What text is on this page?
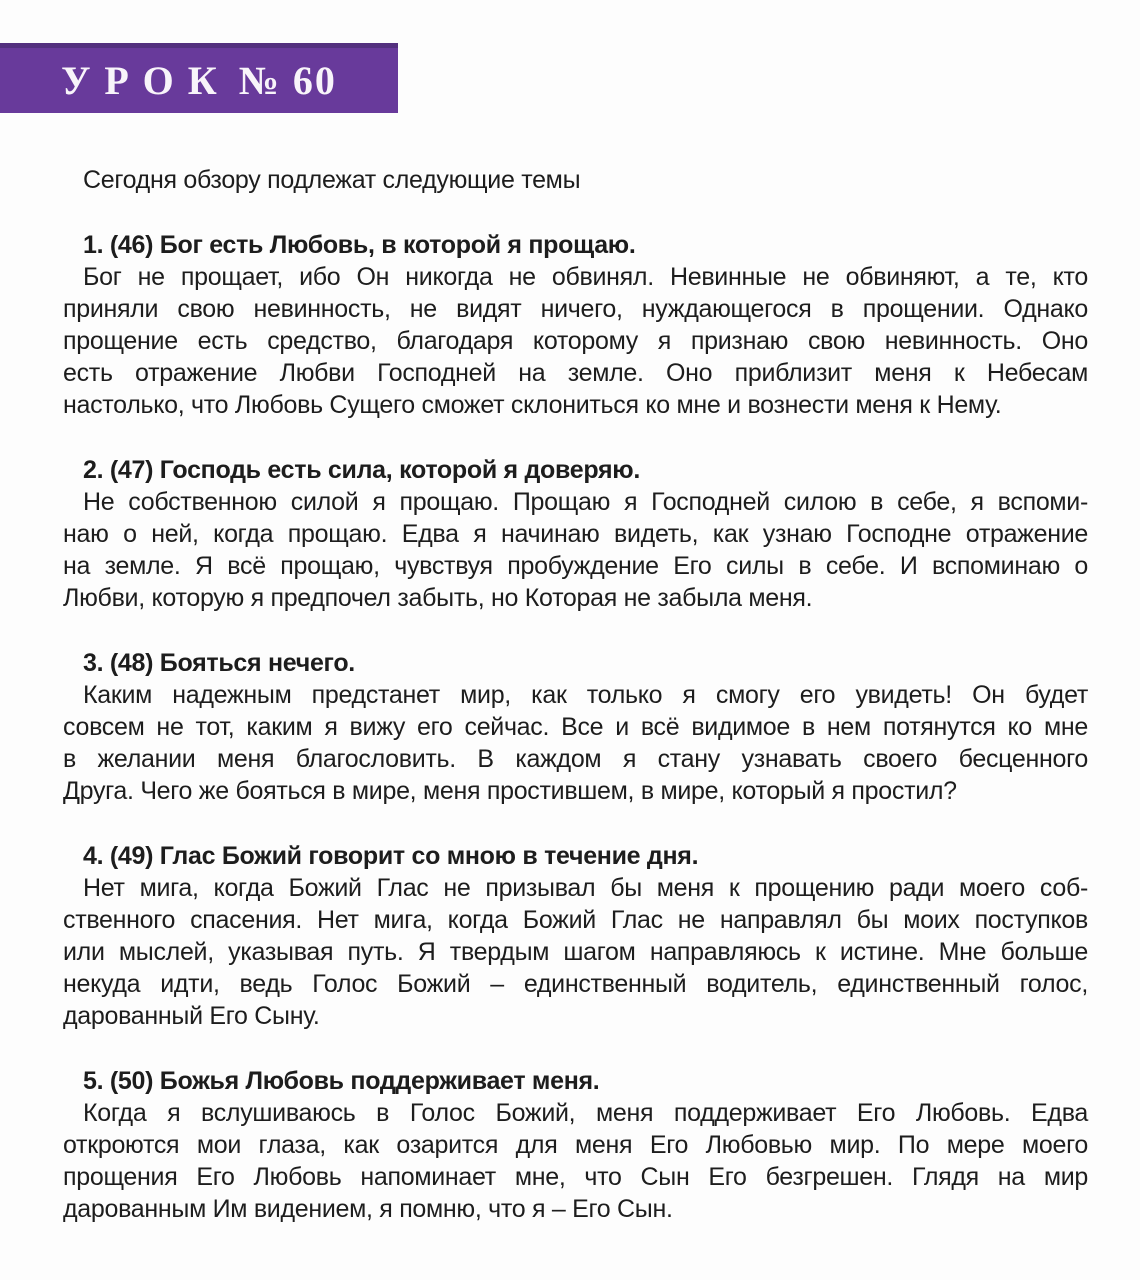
УРОК № 60

Сегодня обзору подлежат следующие темы

1. (46) Бог есть Любовь, в которой я прощаю.
Бог не прощает, ибо Он никогда не обвинял. Невинные не обвиняют, а те, кто
приняли свою невинность, не видят ничего, нуждающегося в прощении. Однако
прощение есть средство, благодаря которому я признаю свою невинность. Оно
есть отражение Любви Господней на земле. Оно приблизит меня к Небесам
настолько, что Любовь Сущего сможет склониться ко мне и вознести меня к Нему.
2. (47) Господь есть сила, которой я доверяю.
Не собственною силой я прощаю. Прощаю я Господней силою в себе, я вспоми-
наю о ней, когда прощаю. Едва я начинаю видеть, как узнаю Господне отражение
на земле. Я всё прощаю, чувствуя пробуждение Его силы в себе. И вспоминаю о
Любви, которую я предпочел забыть, но Которая не забыла меня.
3. (48) Бояться нечего.
Каким надежным предстанет мир, как только я смогу его увидеть! Он будет
совсем не тот, каким я вижу его сейчас. Все и всё видимое в нем потянутся ко мне
в желании меня благословить. В каждом я стану узнавать своего бесценного
Друга. Чего же бояться в мире, меня простившем, в мире, который я простил?
4. (49) Глас Божий говорит со мною в течение дня.
Нет мига, когда Божий Глас не призывал бы меня к прощению ради моего соб-
ственного спасения. Нет мига, когда Божий Глас не направлял бы моих поступков
или мыслей, указывая путь. Я твердым шагом направляюсь к истине. Мне больше
некуда идти, ведь Голос Божий – единственный водитель, единственный голос,
дарованный Его Сыну.
5. (50) Божья Любовь поддерживает меня.
Когда я вслушиваюсь в Голос Божий, меня поддерживает Его Любовь. Едва
откроются мои глаза, как озарится для меня Его Любовью мир. По мере моего
прощения Его Любовь напоминает мне, что Сын Его безгрешен. Глядя на мир
дарованным Им видением, я помню, что я – Его Сын.
